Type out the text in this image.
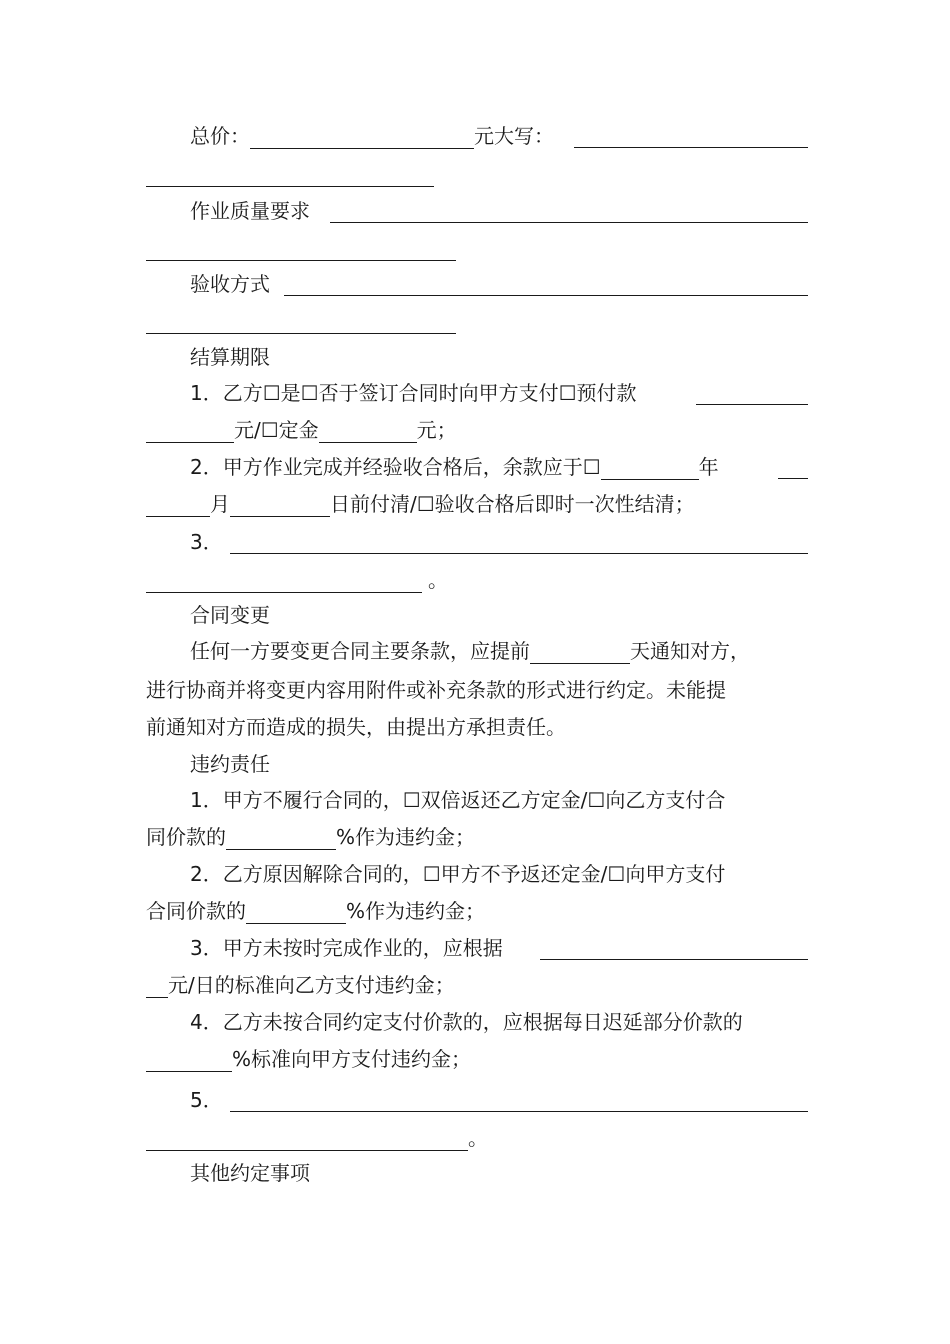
总价：	元大写：
作业质量要求
验收方式
结算期限
1．乙方☐是☐否于签订合同时向甲方支付☐预付款
元/☐定金	元；
2．甲方作业完成并经验收合格后，余款应于☐	年
月	日前付清/☐验收合格后即时一次性结清；
3．
。
合同变更
任何一方要变更合同主要条款，应提前	天通知对方，
进行协商并将变更内容用附件或补充条款的形式进行约定。未能提
前通知对方而造成的损失，由提出方承担责任。
违约责任
1．甲方不履行合同的，☐双倍返还乙方定金/☐向乙方支付合
同价款的	%作为违约金；
2．乙方原因解除合同的，☐甲方不予返还定金/☐向甲方支付
合同价款的	%作为违约金；
3．甲方未按时完成作业的，应根据
元/日的标准向乙方支付违约金；
4．乙方未按合同约定支付价款的，应根据每日迟延部分价款的
%标准向甲方支付违约金；
5．
。
其他约定事项
